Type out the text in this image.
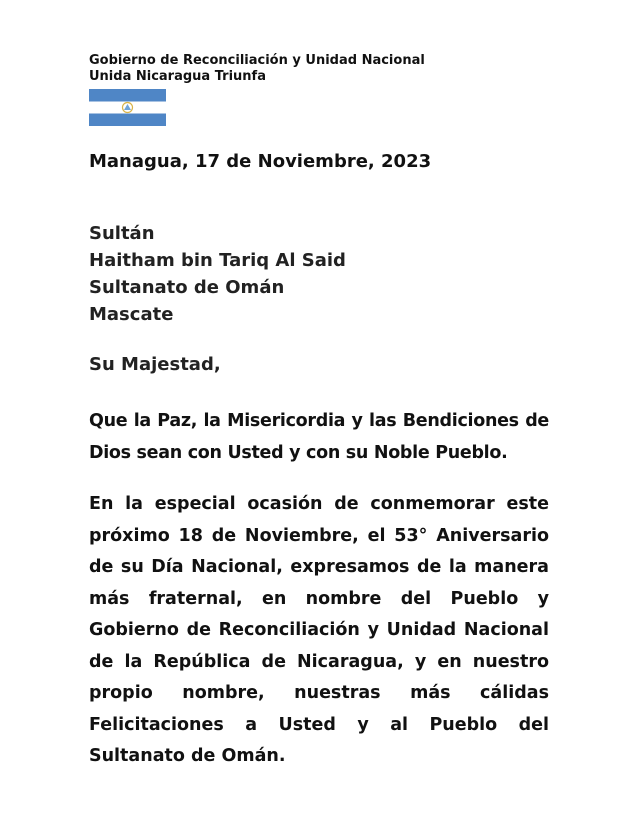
Gobierno de Reconciliación y Unidad Nacional
Unida Nicaragua Triunfa
Managua, 17 de Noviembre, 2023
Sultán
Haitham bin Tariq Al Said
Sultanato de Omán
Mascate
Su Majestad,
Que la Paz, la Misericordia y las Bendiciones de Dios sean con Usted y con su Noble Pueblo.
En la especial ocasión de conmemorar este próximo 18 de Noviembre, el 53° Aniversario de su Día Nacional, expresamos de la manera más fraternal, en nombre del Pueblo y Gobierno de Reconciliación y Unidad Nacional de la República de Nicaragua, y en nuestro propio nombre, nuestras más cálidas Felicitaciones a Usted y al Pueblo del Sultanato de Omán.
